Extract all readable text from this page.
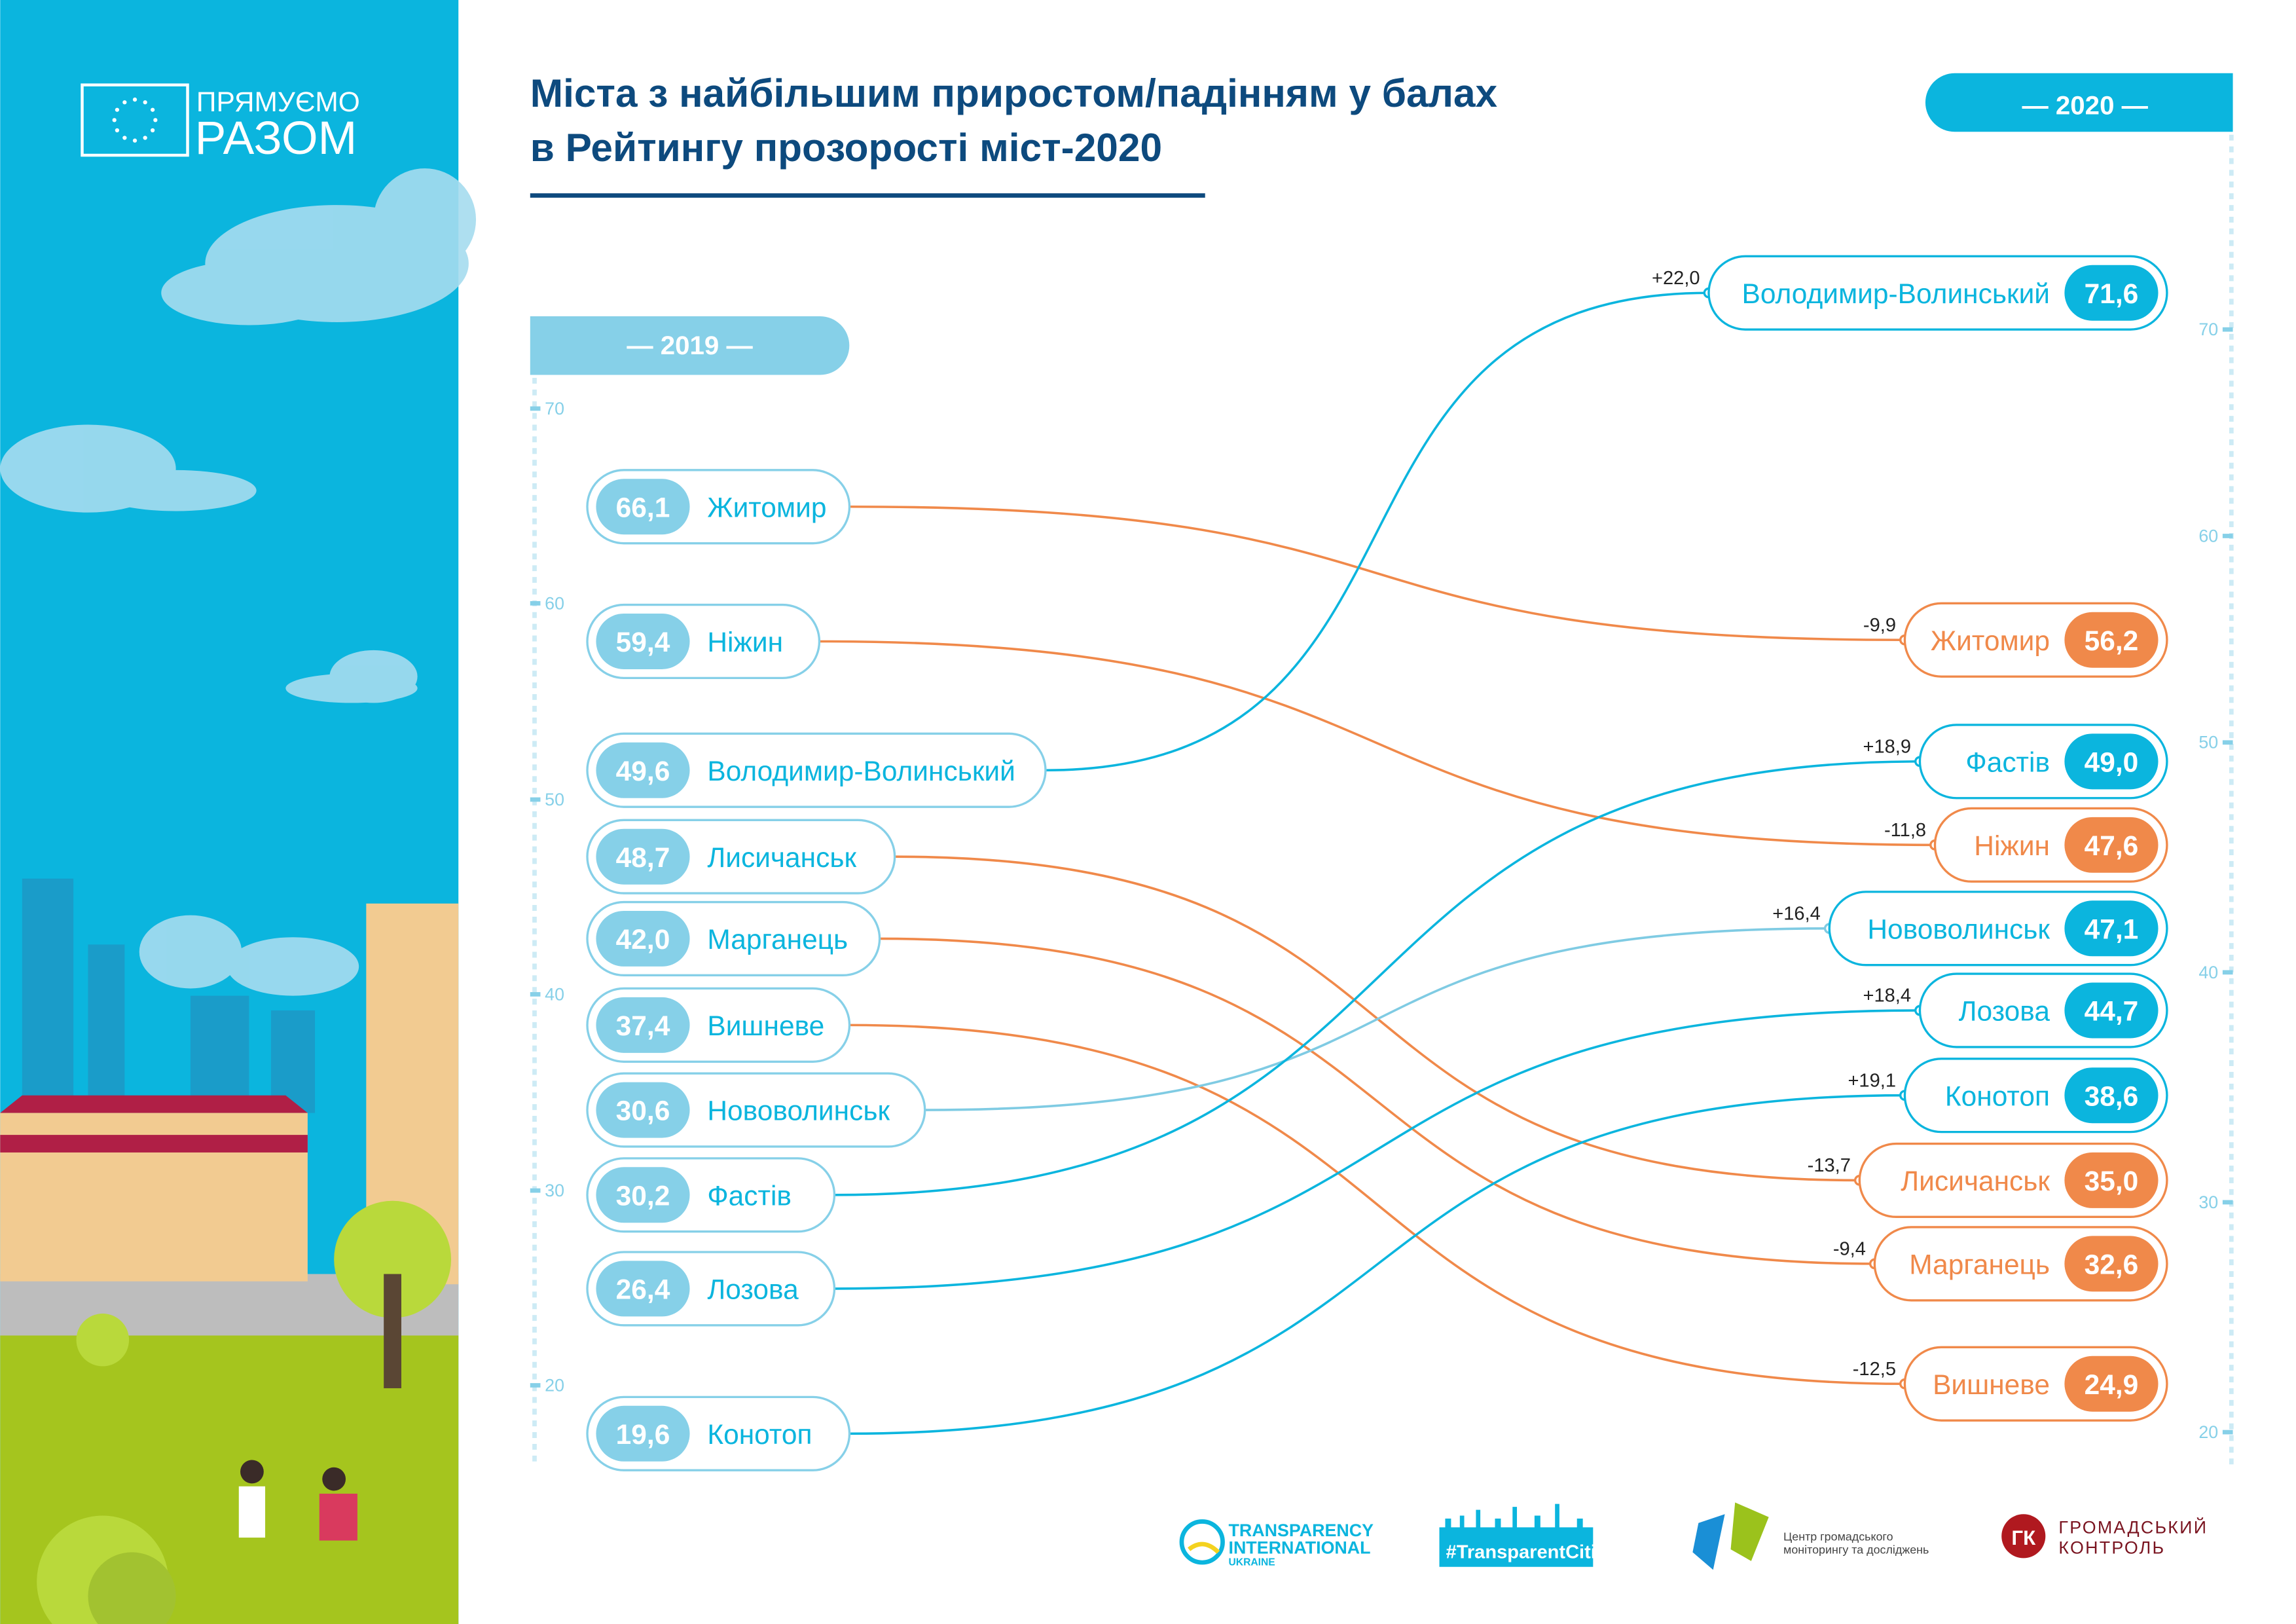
ПРЯМУЄМО
РАЗОМ
Міста з найбільшим приростом/падінням у балах
в Рейтингу прозорості міст-2020
— 2019 —
— 2020 —
70
60
50
40
30
20
70
60
50
40
30
20
-9,9
-11,8
+22,0
-13,7
-9,4
-12,5
+16,4
+18,9
+18,4
+19,1
66,1	Житомир
56,2
Житомир
59,4	Ніжин
47,6
Ніжин
49,6	Володимир-Волинський
71,6
Володимир-Волинський
48,7	Лисичанськ
35,0
Лисичанськ
42,0	Марганець
32,6
Марганець
37,4	Вишневе
24,9
Вишневе
30,6	Нововолинськ
47,1
Нововолинськ
30,2	Фастів
49,0
Фастів
26,4	Лозова
44,7
Лозова
19,6	Конотоп
38,6
Конотоп
TRANSPARENCY
INTERNATIONAL
UKRAINE	#TransparentCities
Центр громадського
моніторингу та досліджень
ГК	ГРОМАДСЬКИЙ
КОНТРОЛЬ
